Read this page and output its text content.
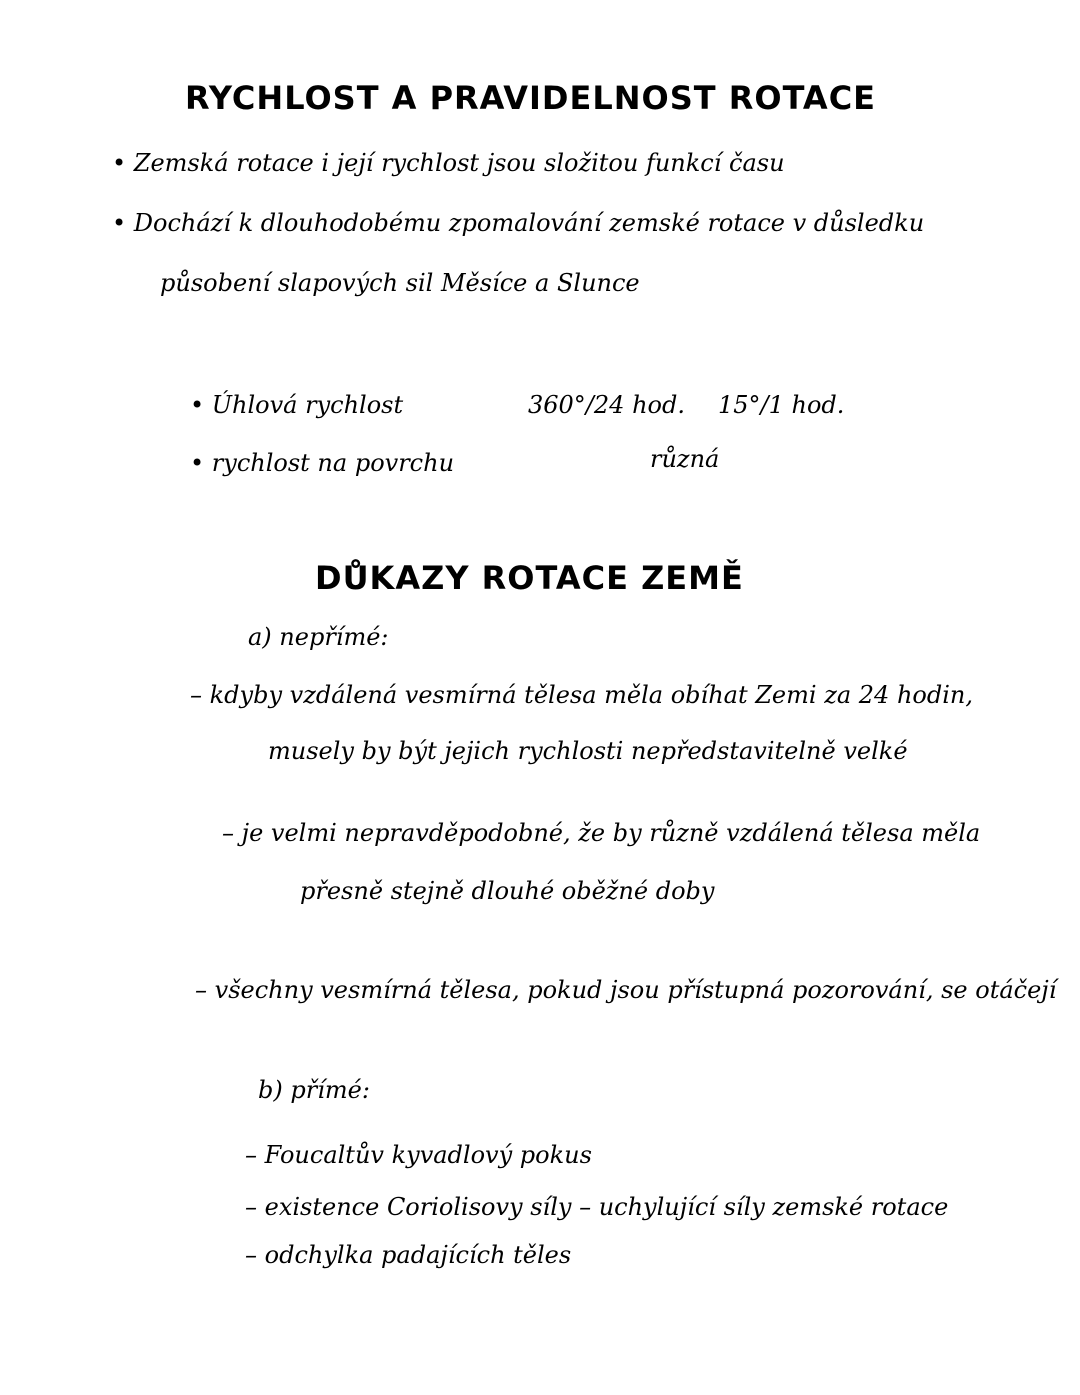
RYCHLOST A PRAVIDELNOST ROTACE
• Zemská rotace i její rychlost jsou složitou funkcí času
• Dochází k dlouhodobému zpomalování zemské rotace v důsledku
působení slapových sil Měsíce a Slunce
• Úhlová rychlost	360°/24 hod. 15°/1 hod.
• rychlost na povrchu	různá
DŮKAZY ROTACE ZEMĚ
a) nepřímé:
– kdyby vzdálená vesmírná tělesa měla obíhat Zemi za 24 hodin,
musely by být jejich rychlosti nepředstavitelně velké
– je velmi nepravděpodobné, že by různě vzdálená tělesa měla
přesně stejně dlouhé oběžné doby
– všechny vesmírná tělesa, pokud jsou přístupná pozorování, se otáčejí
b) přímé:
– Foucaltův kyvadlový pokus
– existence Coriolisovy síly – uchylující síly zemské rotace
– odchylka padajících těles
